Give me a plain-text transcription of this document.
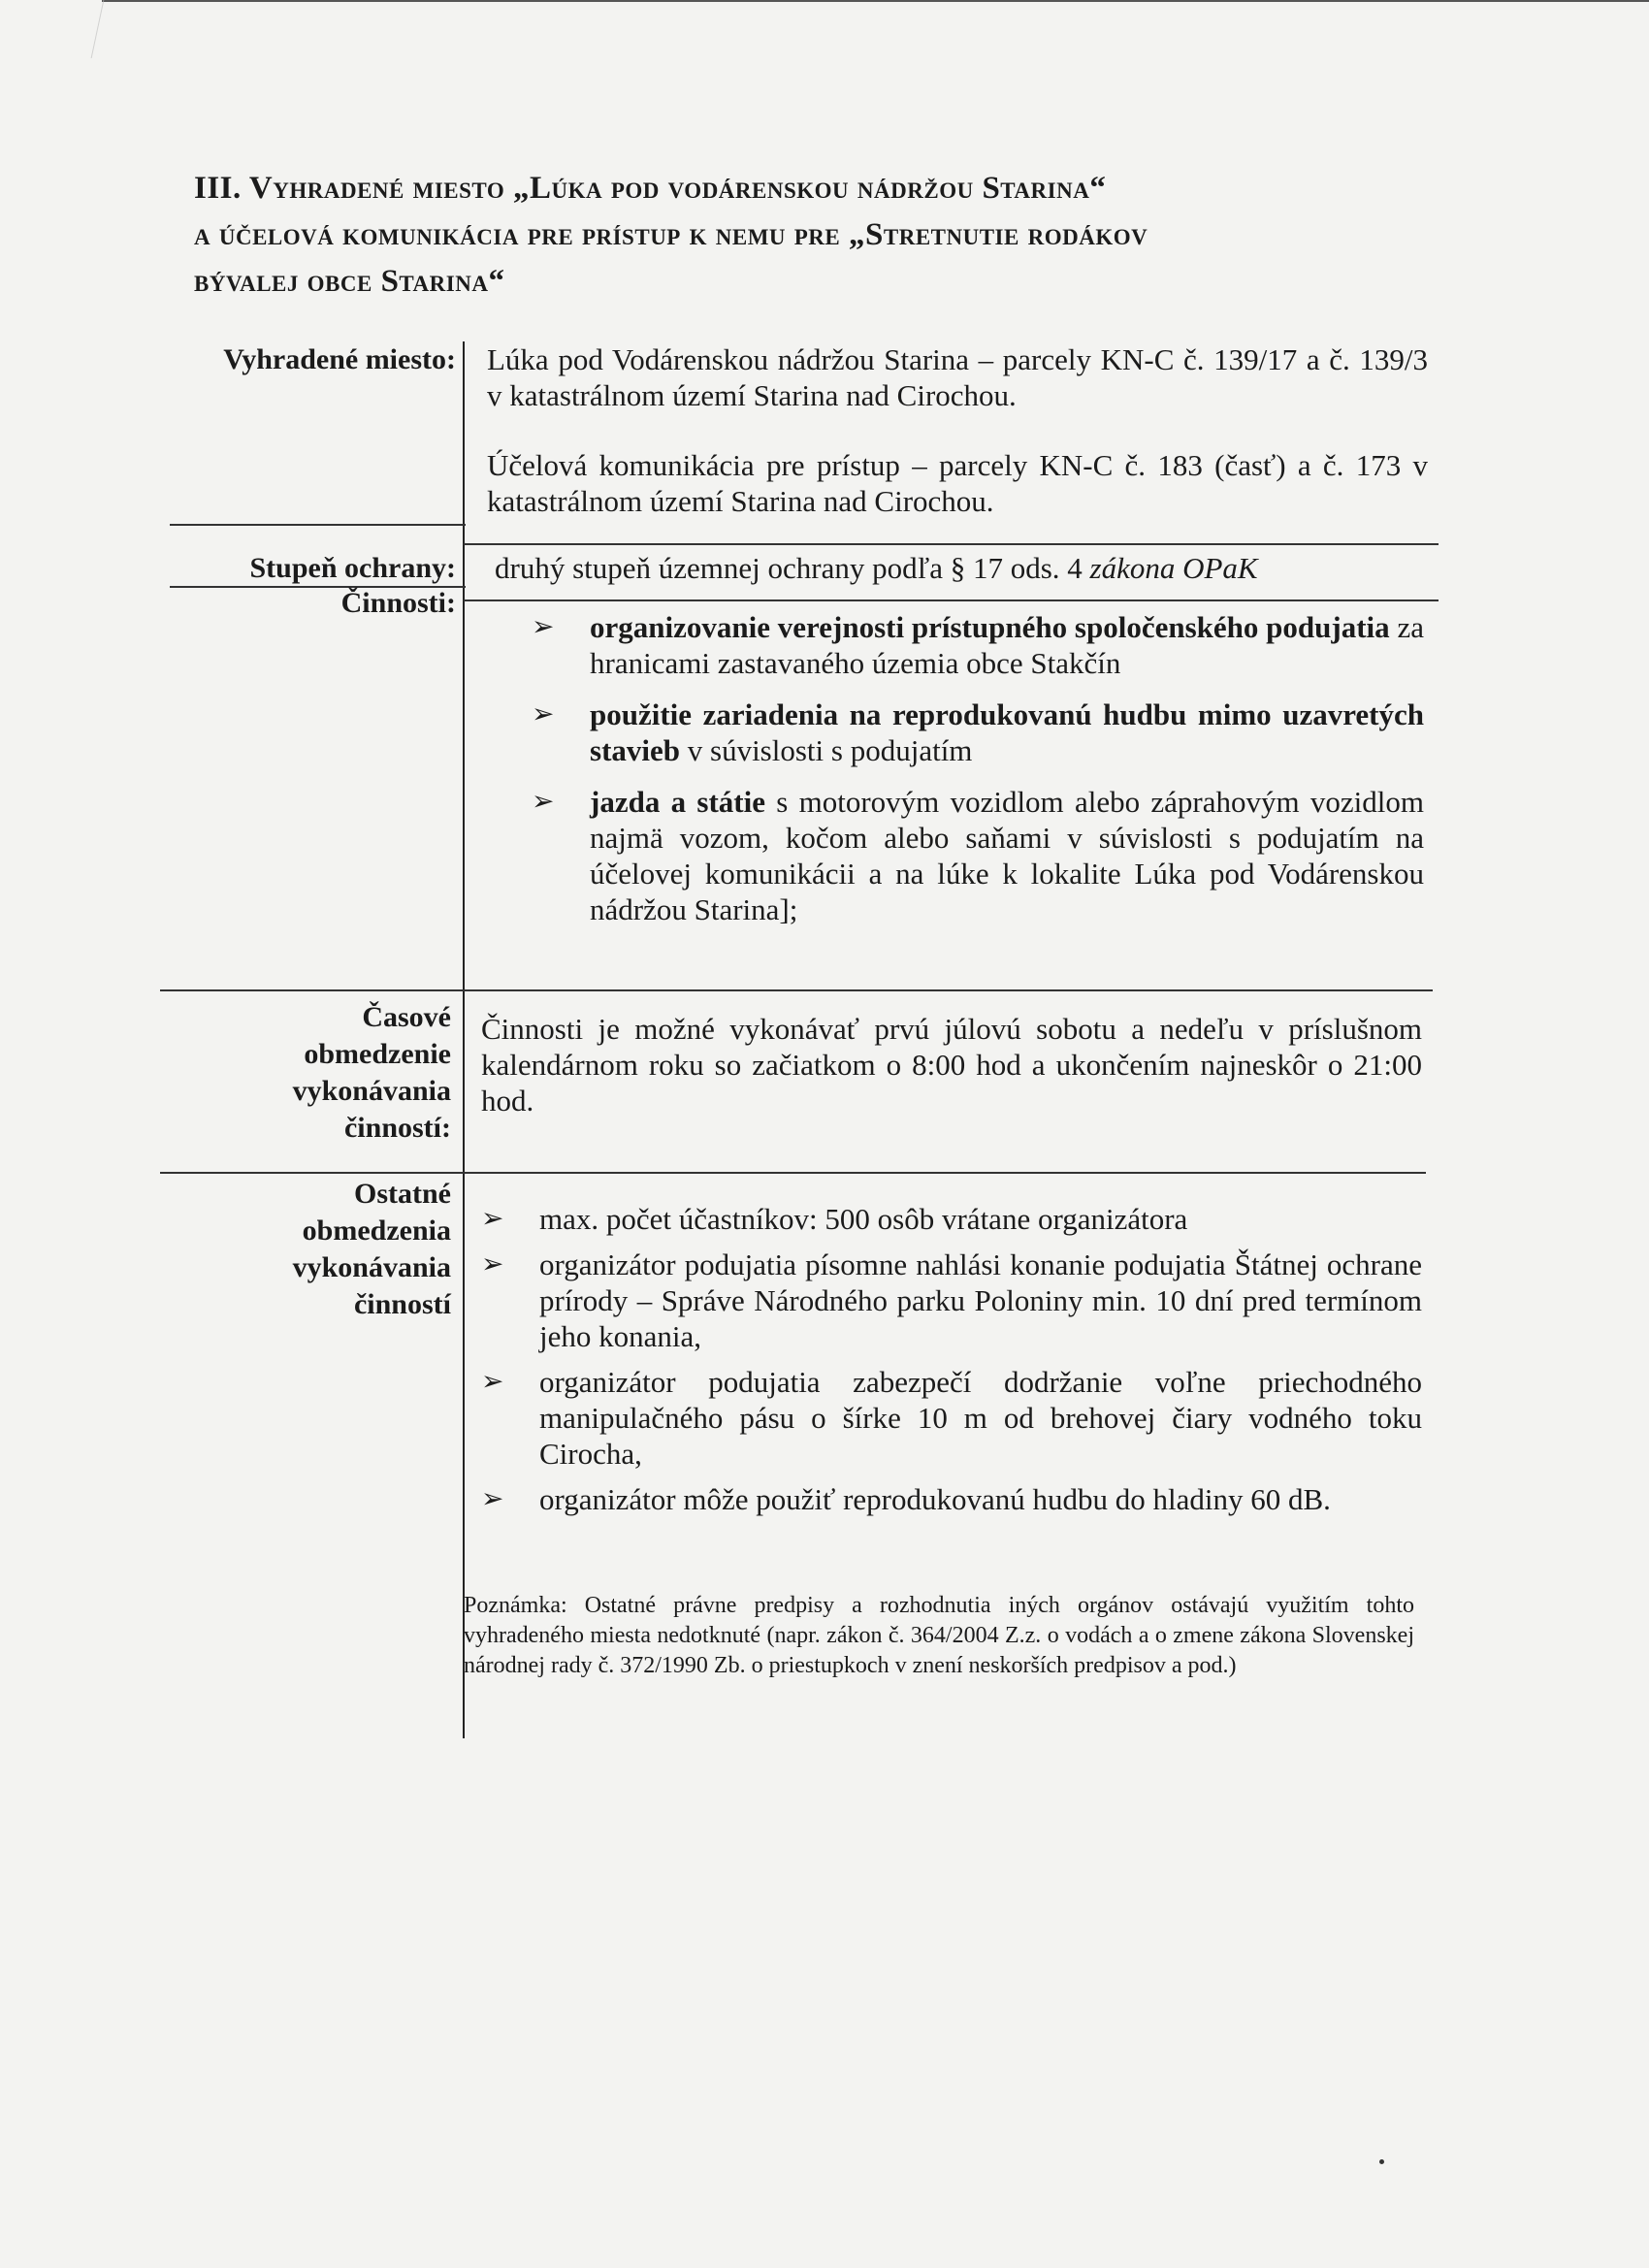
III. Vyhradené miesto „Lúka pod vodárenskou nádržou Starina“
a účelová komunikácia pre prístup k nemu pre „Stretnutie rodákov
bývalej obce Starina“
Vyhradené miesto: Lúka pod Vodárenskou nádržou Starina – parcely KN-C č. 139/17 a č. 139/3 v katastrálnom území Starina nad Cirochou.

Účelová komunikácia pre prístup – parcely KN-C č. 183 (časť) a č. 173 v katastrálnom území Starina nad Cirochou.

Stupeň ochrany: druhý stupeň územnej ochrany podľa § 17 ods. 4 zákona OPaK
Činnosti:
➢ organizovanie verejnosti prístupného spoločenského podujatia za hranicami zastavaného územia obce Stakčín
➢ použitie zariadenia na reprodukovanú hudbu mimo uzavretých stavieb v súvislosti s podujatím
➢ jazda a státie s motorovým vozidlom alebo záprahovým vozidlom najmä vozom, kočom alebo saňami v súvislosti s podujatím na účelovej komunikácii a na lúke k lokalite Lúka pod Vodárenskou nádržou Starina];
Časové
obmedzenie
vykonávania
činností:

Činnosti je možné vykonávať prvú júlovú sobotu a nedeľu v príslušnom kalendárnom roku so začiatkom o 8:00 hod a ukončením najneskôr o 21:00 hod.

Ostatné
obmedzenia
vykonávania
činností
➢ max. počet účastníkov: 500 osôb vrátane organizátora
➢ organizátor podujatia písomne nahlási konanie podujatia Štátnej ochrane prírody – Správe Národného parku Poloniny min. 10 dní pred termínom jeho konania,
➢ organizátor podujatia zabezpečí dodržanie voľne priechodného manipulačného pásu o šírke 10 m od brehovej čiary vodného toku Cirocha,
➢ organizátor môže použiť reprodukovanú hudbu do hladiny 60 dB.
Poznámka: Ostatné právne predpisy a rozhodnutia iných orgánov ostávajú využitím tohto vyhradeného miesta nedotknuté (napr. zákon č. 364/2004 Z.z. o vodách a o zmene zákona Slovenskej národnej rady č. 372/1990 Zb. o priestupkoch v znení neskorších predpisov a pod.)
